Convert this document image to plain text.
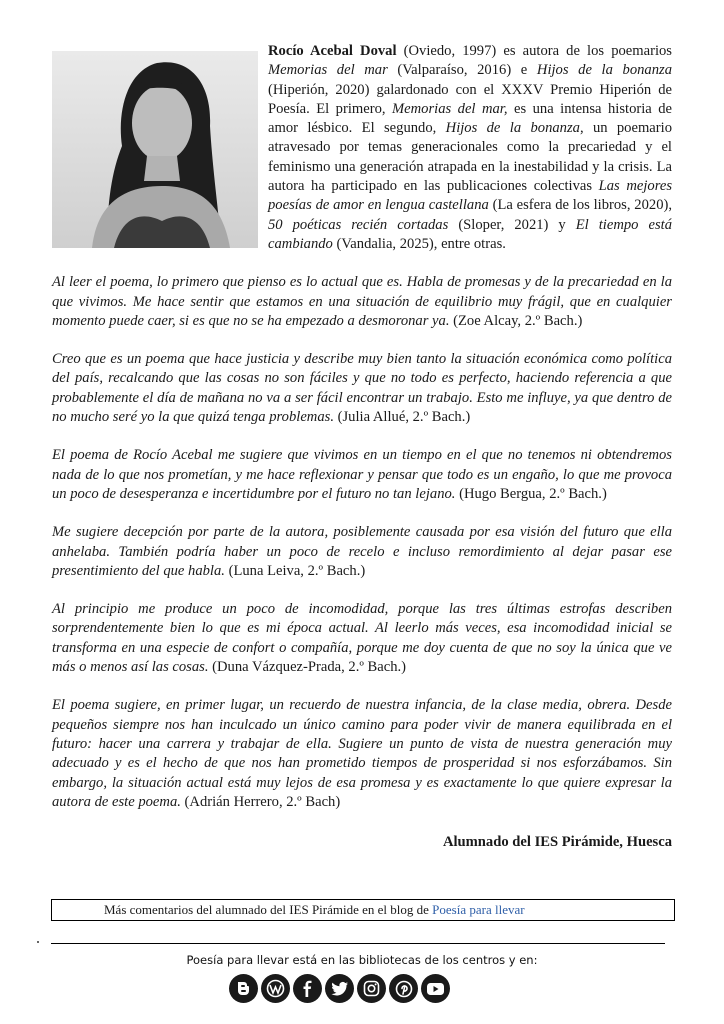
Rocío Acebal Doval (Oviedo, 1997) es autora de los poemarios Memorias del mar (Valparaíso, 2016) e Hijos de la bonanza (Hiperión, 2020) galardonado con el XXXV Premio Hiperión de Poesía. El primero, Memorias del mar, es una intensa historia de amor lésbico. El segundo, Hijos de la bonanza, un poemario atravesado por temas generacionales como la precariedad y el feminismo una generación atrapada en la inestabilidad y la crisis. La autora ha participado en las publicaciones colectivas Las mejores poesías de amor en lengua castellana (La esfera de los libros, 2020), 50 poéticas recién cortadas (Sloper, 2021) y El tiempo está cambiando (Vandalia, 2025), entre otras.

Al leer el poema, lo primero que pienso es lo actual que es. Habla de promesas y de la precariedad en la que vivimos. Me hace sentir que estamos en una situación de equilibrio muy frágil, que en cualquier momento puede caer, si es que no se ha empezado a desmoronar ya. (Zoe Alcay, 2.º Bach.)

Creo que es un poema que hace justicia y describe muy bien tanto la situación económica como política del país, recalcando que las cosas no son fáciles y que no todo es perfecto, haciendo referencia a que probablemente el día de mañana no va a ser fácil encontrar un trabajo. Esto me influye, ya que dentro de no mucho seré yo la que quizá tenga problemas. (Julia Allué, 2.º Bach.)

El poema de Rocío Acebal me sugiere que vivimos en un tiempo en el que no tenemos ni obtendremos nada de lo que nos prometían, y me hace reflexionar y pensar que todo es un engaño, lo que me provoca un poco de desesperanza e incertidumbre por el futuro no tan lejano. (Hugo Bergua, 2.º Bach.)

Me sugiere decepción por parte de la autora, posiblemente causada por esa visión del futuro que ella anhelaba. También podría haber un poco de recelo e incluso remordimiento al dejar pasar ese presentimiento del que habla. (Luna Leiva, 2.º Bach.)

Al principio me produce un poco de incomodidad, porque las tres últimas estrofas describen sorprendentemente bien lo que es mi época actual. Al leerlo más veces, esa incomodidad inicial se transforma en una especie de confort o compañía, porque me doy cuenta de que no soy la única que ve más o menos así las cosas. (Duna Vázquez-Prada, 2.º Bach.)

El poema sugiere, en primer lugar, un recuerdo de nuestra infancia, de la clase media, obrera. Desde pequeños siempre nos han inculcado un único camino para poder vivir de manera equilibrada en el futuro: hacer una carrera y trabajar de ella. Sugiere un punto de vista de nuestra generación muy adecuado y es el hecho de que nos han prometido tiempos de prosperidad si nos esforzábamos. Sin embargo, la situación actual está muy lejos de esa promesa y es exactamente lo que quiere expresar la autora de este poema. (Adrián Herrero, 2.º Bach)

Alumnado del IES Pirámide, Huesca

Más comentarios del alumnado del IES Pirámide en el blog de Poesía para llevar
Poesía para llevar está en las bibliotecas de los centros y en:
